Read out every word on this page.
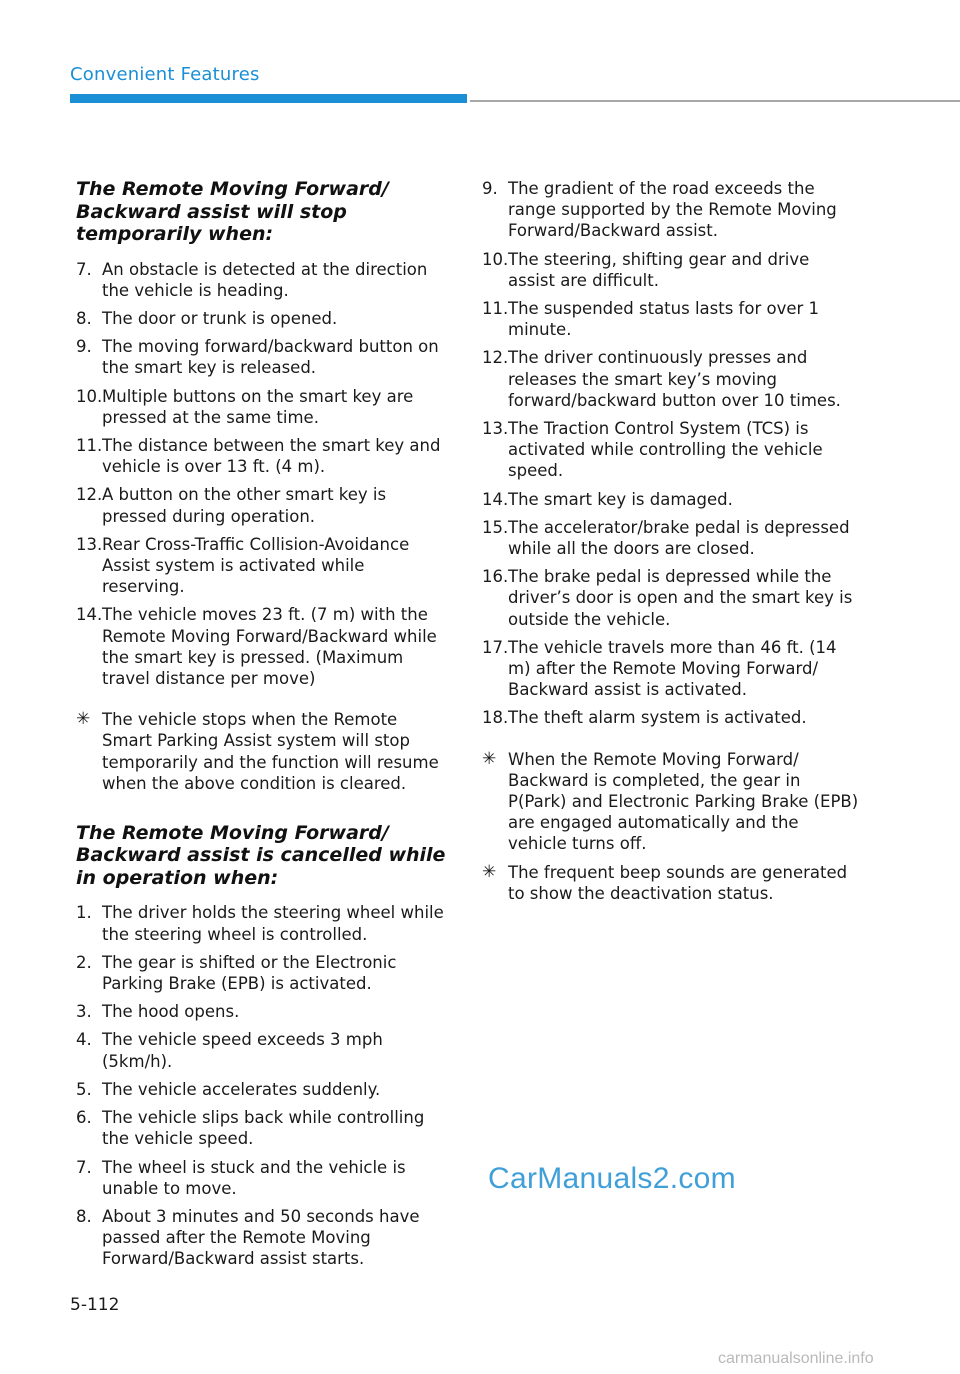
Convenient Features
The Remote Moving Forward/ Backward assist will stop temporarily when:
7. An obstacle is detected at the direction the vehicle is heading.
8. The door or trunk is opened.
9. The moving forward/backward button on the smart key is released.
10. Multiple buttons on the smart key are pressed at the same time.
11. The distance between the smart key and vehicle is over 13 ft. (4 m).
12. A button on the other smart key is pressed during operation.
13. Rear Cross-Traffic Collision-Avoidance Assist system is activated while reserving.
14. The vehicle moves 23 ft. (7 m) with the Remote Moving Forward/Backward while the smart key is pressed. (Maximum travel distance per move)
✳ The vehicle stops when the Remote Smart Parking Assist system will stop temporarily and the function will resume when the above condition is cleared.
The Remote Moving Forward/ Backward assist is cancelled while in operation when:
1. The driver holds the steering wheel while the steering wheel is controlled.
2. The gear is shifted or the Electronic Parking Brake (EPB) is activated.
3. The hood opens.
4. The vehicle speed exceeds 3 mph (5km/h).
5. The vehicle accelerates suddenly.
6. The vehicle slips back while controlling the vehicle speed.
7. The wheel is stuck and the vehicle is unable to move.
8. About 3 minutes and 50 seconds have passed after the Remote Moving Forward/Backward assist starts.
9. The gradient of the road exceeds the range supported by the Remote Moving Forward/Backward assist.
10. The steering, shifting gear and drive assist are difficult.
11. The suspended status lasts for over 1 minute.
12. The driver continuously presses and releases the smart key’s moving forward/backward button over 10 times.
13. The Traction Control System (TCS) is activated while controlling the vehicle speed.
14. The smart key is damaged.
15. The accelerator/brake pedal is depressed while all the doors are closed.
16. The brake pedal is depressed while the driver’s door is open and the smart key is outside the vehicle.
17. The vehicle travels more than 46 ft. (14 m) after the Remote Moving Forward/ Backward assist is activated.
18. The theft alarm system is activated.
✳ When the Remote Moving Forward/ Backward is completed, the gear in P(Park) and Electronic Parking Brake (EPB) are engaged automatically and the vehicle turns off.
✳ The frequent beep sounds are generated to show the deactivation status.
5-112
CarManuals2.com
carmanualsonline.info
